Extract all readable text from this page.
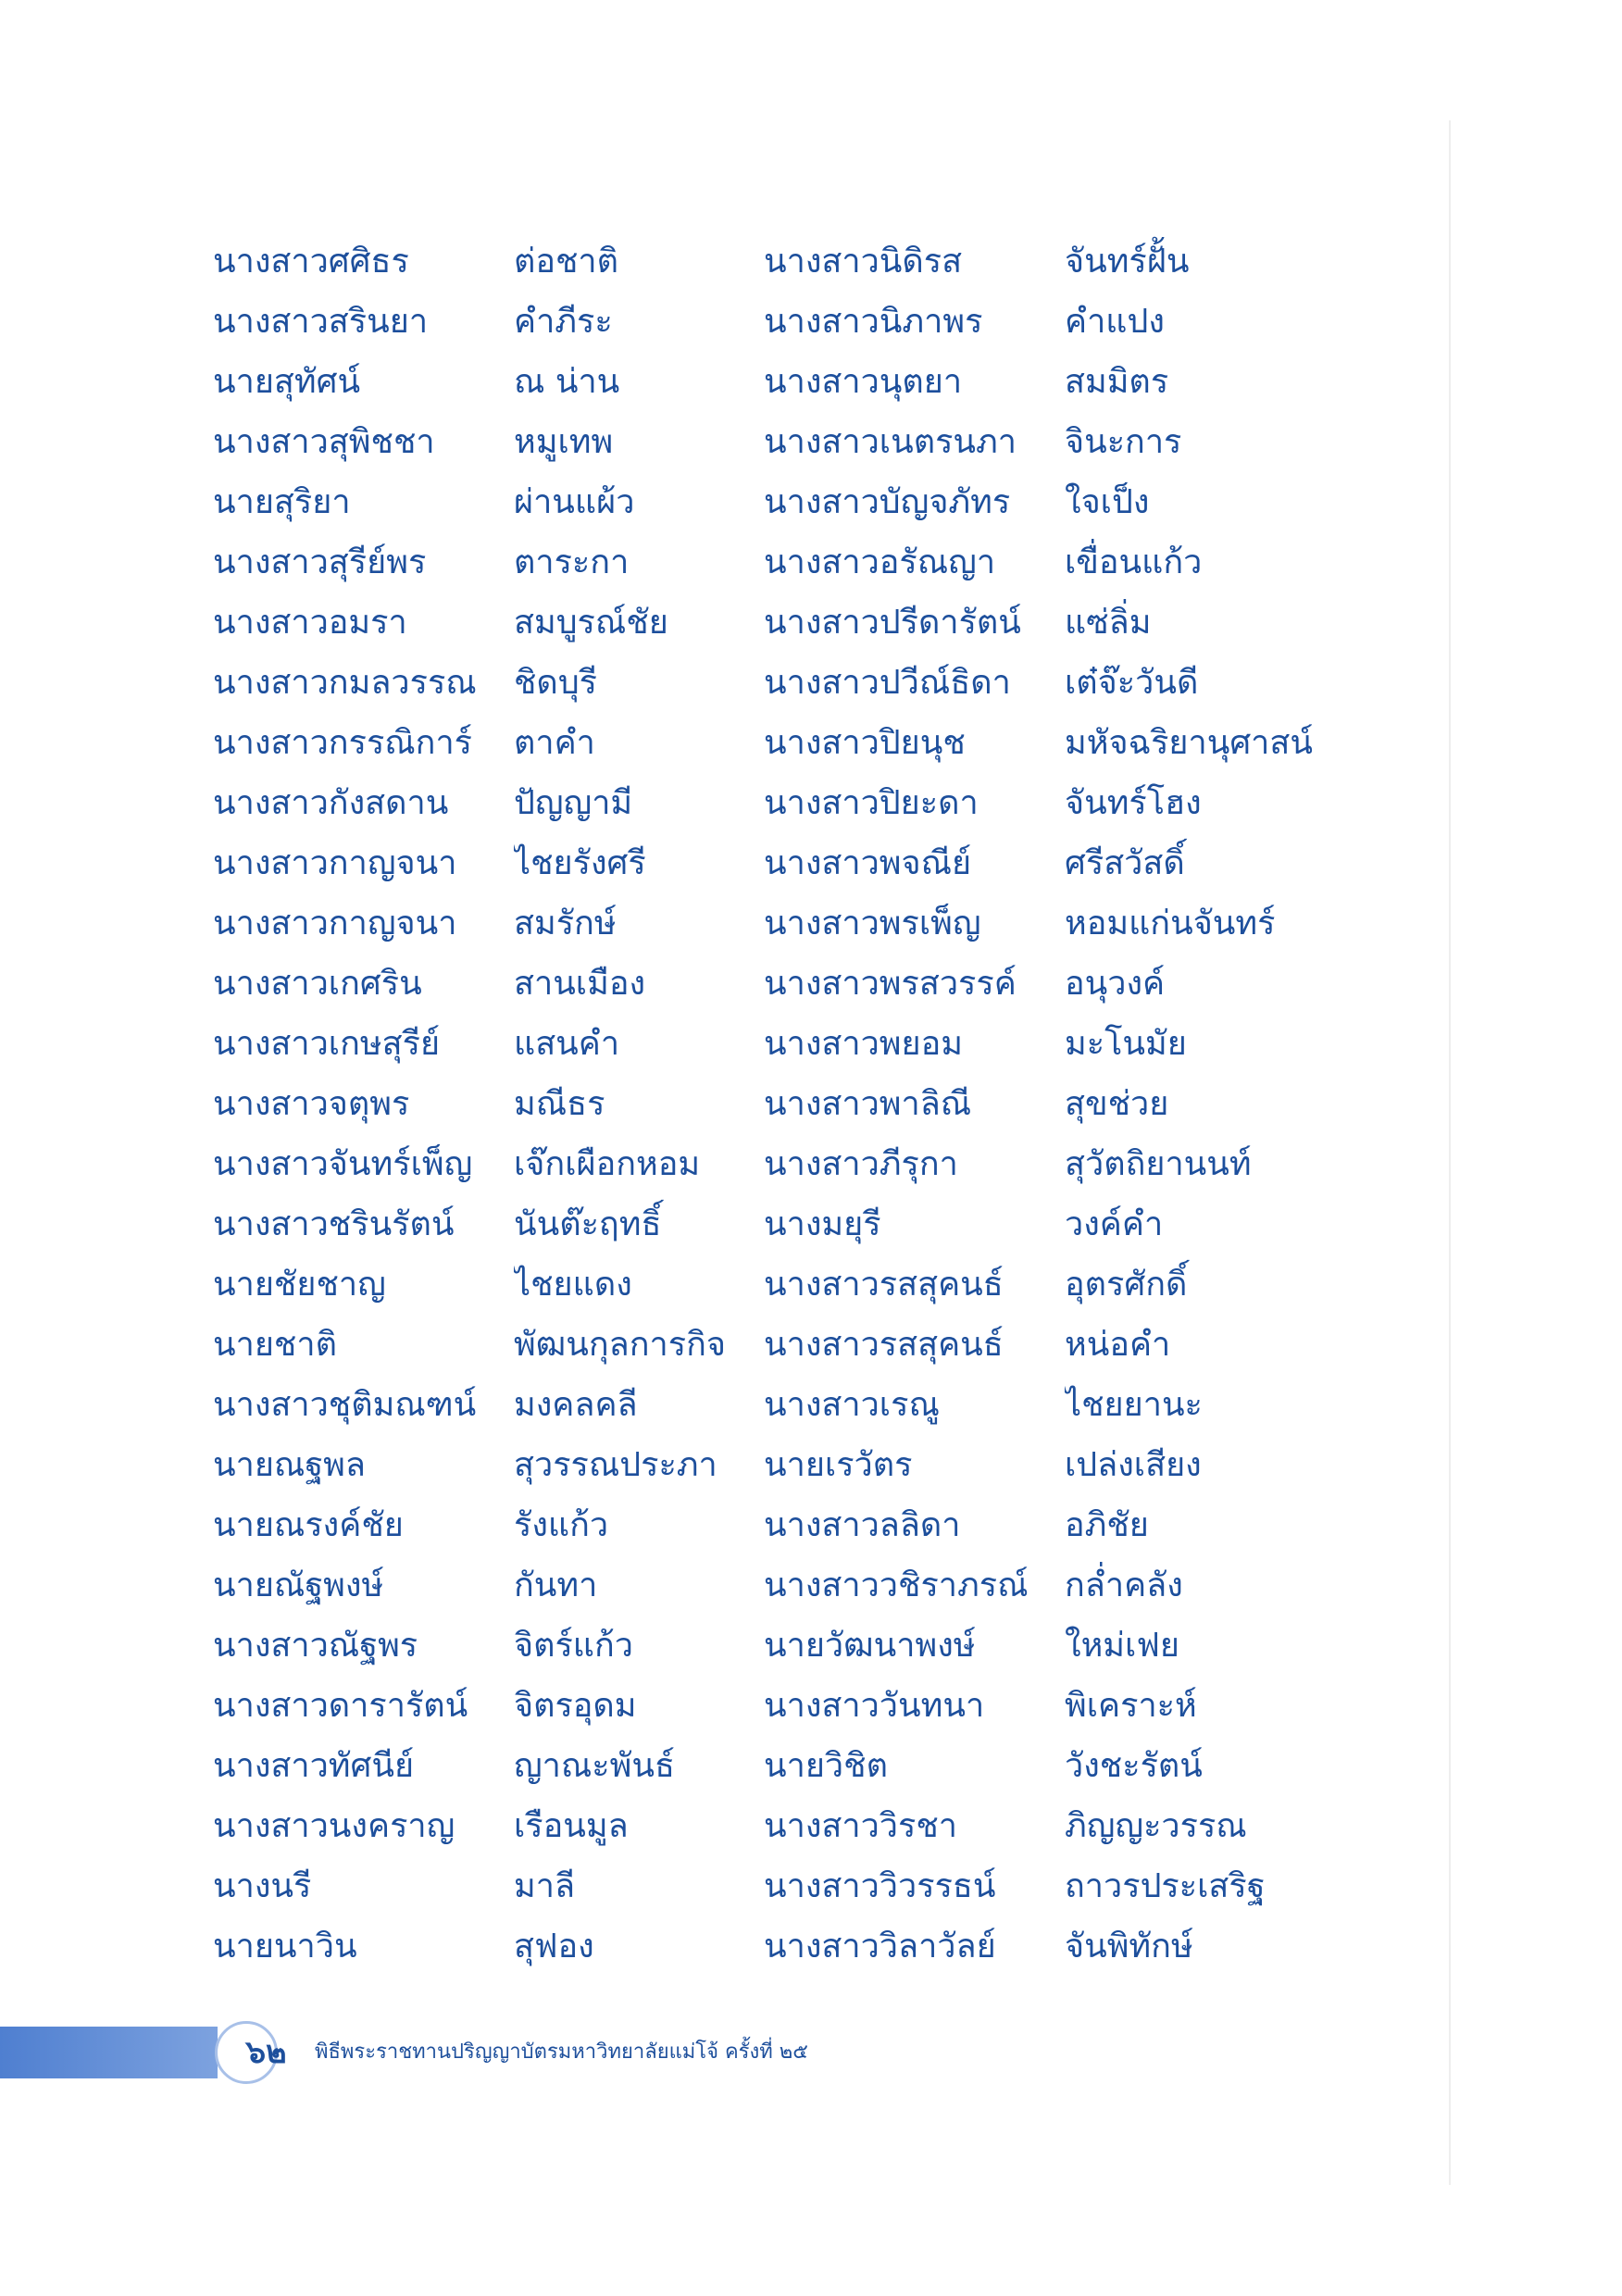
นางสาวศศิธร	ต่อชาติ	นางสาวนิดิรส	จันทร์ฝั้น
นางสาวสรินยา	คำภีระ	นางสาวนิภาพร	คำแปง
นายสุทัศน์	ณ น่าน	นางสาวนุตยา	สมมิตร
นางสาวสุพิชชา	หมูเทพ	นางสาวเนตรนภา	จินะการ
นายสุริยา	ผ่านแผ้ว	นางสาวบัญจภัทร	ใจเป็ง
นางสาวสุรีย์พร	ตาระกา	นางสาวอรัณญา	เขื่อนแก้ว
นางสาวอมรา	สมบูรณ์ชัย	นางสาวปรีดารัตน์	แซ่ลิ่ม
นางสาวกมลวรรณ	ชิดบุรี	นางสาวปวีณ์ธิดา	เต๋จ๊ะวันดี
นางสาวกรรณิการ์	ตาคำ	นางสาวปิยนุช	มหัจฉริยานุศาสน์
นางสาวกังสดาน	ปัญญามี	นางสาวปิยะดา	จันทร์โฮง
นางสาวกาญจนา	ไชยรังศรี	นางสาวพจณีย์	ศรีสวัสดิ์
นางสาวกาญจนา	สมรักษ์	นางสาวพรเพ็ญ	หอมแก่นจันทร์
นางสาวเกศริน	สานเมือง	นางสาวพรสวรรค์	อนุวงค์
นางสาวเกษสุรีย์	แสนคำ	นางสาวพยอม	มะโนมัย
นางสาวจตุพร	มณีธร	นางสาวพาลิณี	สุขช่วย
นางสาวจันทร์เพ็ญ	เจ๊กเผือกหอม	นางสาวภีรุกา	สุวัตถิยานนท์
นางสาวชรินรัตน์	นันต๊ะฤทธิ์	นางมยุรี	วงค์คำ
นายชัยชาญ	ไชยแดง	นางสาวรสสุคนธ์	อุตรศักดิ์
นายชาติ	พัฒนกุลการกิจ	นางสาวรสสุคนธ์	หน่อคำ
นางสาวชุติมณฑน์	มงคลคลี	นางสาวเรณู	ไชยยานะ
นายณฐพล	สุวรรณประภา	นายเรวัตร	เปล่งเสียง
นายณรงค์ชัย	รังแก้ว	นางสาวลลิดา	อภิชัย
นายณัฐพงษ์	กันทา	นางสาววชิราภรณ์	กล่ำคลัง
นางสาวณัฐพร	จิตร์แก้ว	นายวัฒนาพงษ์	ใหม่เฟย
นางสาวดารารัตน์	จิตรอุดม	นางสาววันทนา	พิเคราะห์
นางสาวทัศนีย์	ญาณะพันธ์	นายวิชิต	วังชะรัตน์
นางสาวนงคราญ	เรือนมูล	นางสาววิรชา	ภิญญะวรรณ
นางนรี	มาลี	นางสาววิวรรธน์	ถาวรประเสริฐ
นายนาวิน	สุฟอง	นางสาววิลาวัลย์	จันพิทักษ์
๖๒	พิธีพระราชทานปริญญาบัตรมหาวิทยาลัยแม่โจ้ ครั้งที่ ๒๕
